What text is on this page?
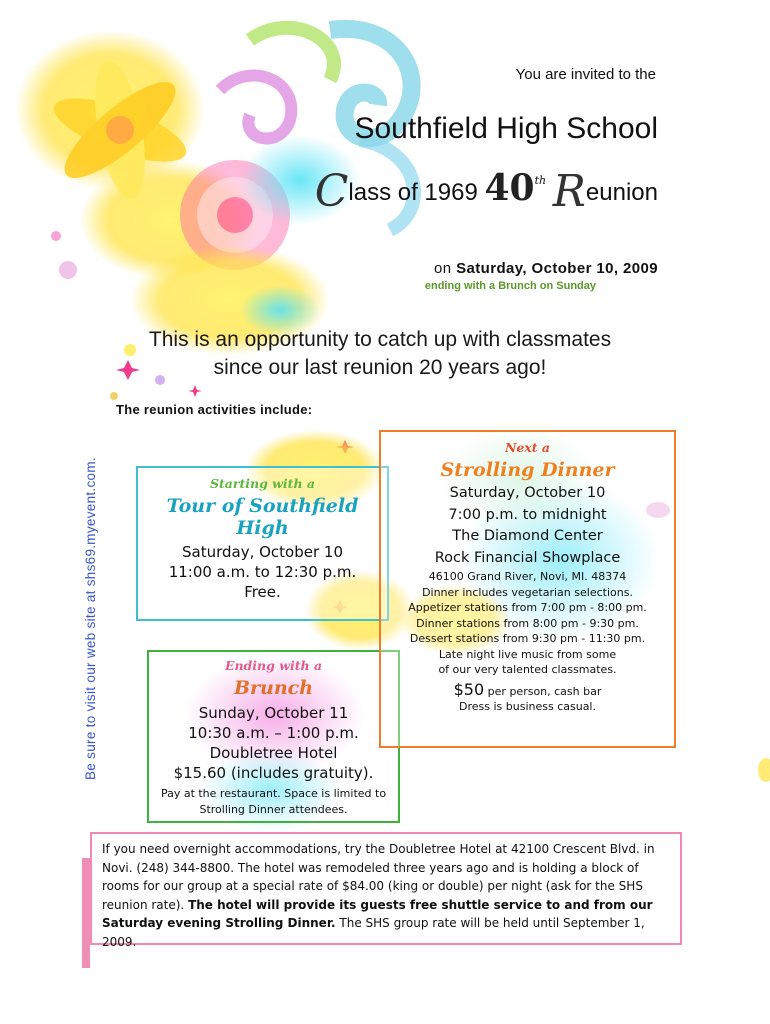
You are invited to the
Southfield High School
Class of 1969 40th Reunion
on Saturday, October 10, 2009
ending with a Brunch on Sunday
This is an opportunity to catch up with classmates
since our last reunion 20 years ago!
The reunion activities include:
Be sure to visit our web site at shs69.myevent.com.	Starting with a
Tour of Southfield High
Saturday, October 10
11:00 a.m. to 12:30 p.m.
Free.
Ending with a
Brunch
Sunday, October 11
10:30 a.m. – 1:00 p.m.
Doubletree Hotel
$15.60 (includes gratuity).
Pay at the restaurant. Space is limited to
Strolling Dinner attendees.
Next a
Strolling Dinner
Saturday, October 10
7:00 p.m. to midnight
The Diamond Center
Rock Financial Showplace
46100 Grand River, Novi, MI. 48374
Dinner includes vegetarian selections.
Appetizer stations from 7:00 pm - 8:00 pm.
Dinner stations from 8:00 pm - 9:30 pm.
Dessert stations from 9:30 pm - 11:30 pm.
Late night live music from some
of our very talented classmates.
$50 per person, cash bar
Dress is business casual.
If you need overnight accommodations, try the Doubletree Hotel at 42100 Crescent Blvd. in Novi. (248) 344-8800. The hotel was remodeled three years ago and is holding a block of rooms for our group at a special rate of $84.00 (king or double) per night (ask for the SHS reunion rate). The hotel will provide its guests free shuttle service to and from our Saturday evening Strolling Dinner. The SHS group rate will be held until September 1, 2009.
